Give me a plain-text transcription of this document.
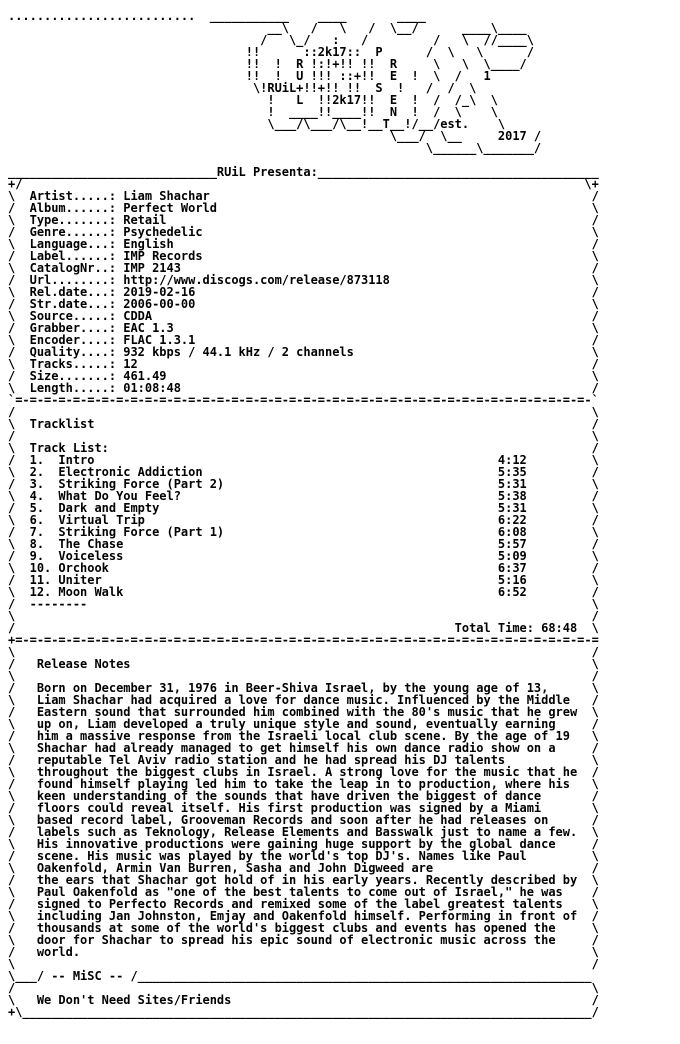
..........................  ___________    ____       ____
__\   /   \   /  \__/      ____\____
/   \_/   :   /         /   \  //____\
!!      ::2k17::  P      /  \   \      /
!!  !  R !:!+!! !!  R     \   \  \____/
!!  !  U !!! ::+!!  E  !  \  /   1
\!RUiL+!!+!! !!  S  !   /  /  \
!   L  !!2k17!!  E  !  /  /_\  \
!  ____!!____!!  N  !  /  \    \
\___/\___/\__!__T__!/__/est.    \
\___/  \__     2017 /
\______\_______/
_____________________________RUiL Presenta:_______________________________________
+/                                                                              \+
\  Artist.....: Liam Shachar                                                     /
/  Album......: Perfect World                                                    \
\  Type.......: Retail                                                           /
/  Genre......: Psychedelic                                                      \
\  Language...: English                                                          /
/  Label......: IMP Records                                                      \
\  CatalogNr..: IMP 2143                                                         /
/  Url........: http://www.discogs.com/release/873118                            \
\  Rel.date...: 2019-02-16                                                       /
/  Str.date...: 2006-00-00                                                       \
\  Source.....: CDDA                                                             /
/  Grabber....: EAC 1.3                                                          \
\  Encoder....: FLAC 1.3.1                                                       /
/  Quality....: 932 kbps / 44.1 kHz / 2 channels                                 \
\  Tracks.....: 12                                                               /
/  Size.......: 461.49                                                           \
\  Length.....: 01:08:48                                                         /
`=-=-=-=-=-=-=-=-=-=-=-=-=-=-=-=-=-=-=-=-=-=-=-=-=-=-=-=-=-=-=-=-=-=-=-=-=-=-=-=-`
/                                                                                \
\  Tracklist                                                                     /
/                                                                                \
\  Track List:                                                                   /
/  1.  Intro                                                        4:12         \
\  2.  Electronic Addiction                                         5:35         /
/  3.  Striking Force (Part 2)                                      5:31         \
\  4.  What Do You Feel?                                            5:38         /
/  5.  Dark and Empty                                               5:31         \
\  6.  Virtual Trip                                                 6:22         /
/  7.  Striking Force (Part 1)                                      6:08         \
\  8.  The Chase                                                    5:57         /
/  9.  Voiceless                                                    5:09         \
\  10. Orchook                                                      6:37         /
/  11. Uniter                                                       5:16         \
\  12. Moon Walk                                                    6:52         /
/  --------                                                                      \
\                                                                                /
/                                                             Total Time: 68:48  \
+=-=-=-=-=-=-=-=-=-=-=-=-=-=-=-=-=-=-=-=-=-=-=-=-=-=-=-=-=-=-=-=-=-=-=-=-=-=-=-=-=
\                                                                                /
/   Release Notes                                                                \
\                                                                                /
/   Born on December 31, 1976 in Beer-Shiva Israel, by the young age of 13,      \
\   Liam Shachar had acquired a love for dance music. Influenced by the Middle   /
/   Eastern sound that surrounded him combined with the 80's music that he grew  \
\   up on, Liam developed a truly unique style and sound, eventually earning     /
/   him a massive response from the Israeli local club scene. By the age of 19   \
\   Shachar had already managed to get himself his own dance radio show on a     /
/   reputable Tel Aviv radio station and he had spread his DJ talents            \
\   throughout the biggest clubs in Israel. A strong love for the music that he  /
/   found himself playing led him to take the leap in to production, where his   \
\   keen understanding of the sounds that have driven the biggest of dance       /
/   floors could reveal itself. His first production was signed by a Miami       \
\   based record label, Grooveman Records and soon after he had releases on      /
/   labels such as Teknology, Release Elements and Basswalk just to name a few.  \
\   His innovative productions were gaining huge support by the global dance     /
/   scene. His music was played by the world's top DJ's. Names like Paul         \
\   Oakenfold, Armin Van Burren, Sasha and John Digweed are                      /
/   the ears that Shachar got hold of in his early years. Recently described by  \
\   Paul Oakenfold as "one of the best talents to come out of Israel," he was    /
/   signed to Perfecto Records and remixed some of the label greatest talents    \
\   including Jan Johnston, Emjay and Oakenfold himself. Performing in front of  /
/   thousands at some of the world's biggest clubs and events has opened the     \
\   door for Shachar to spread his epic sound of electronic music across the     /
/   world.                                                                       \
\                                                                                /
\___/ -- MiSC -- /_______________________________________________________________
/                                                                                \
\   We Don't Need Sites/Friends                                                  /
+\_______________________________________________________________________________/
